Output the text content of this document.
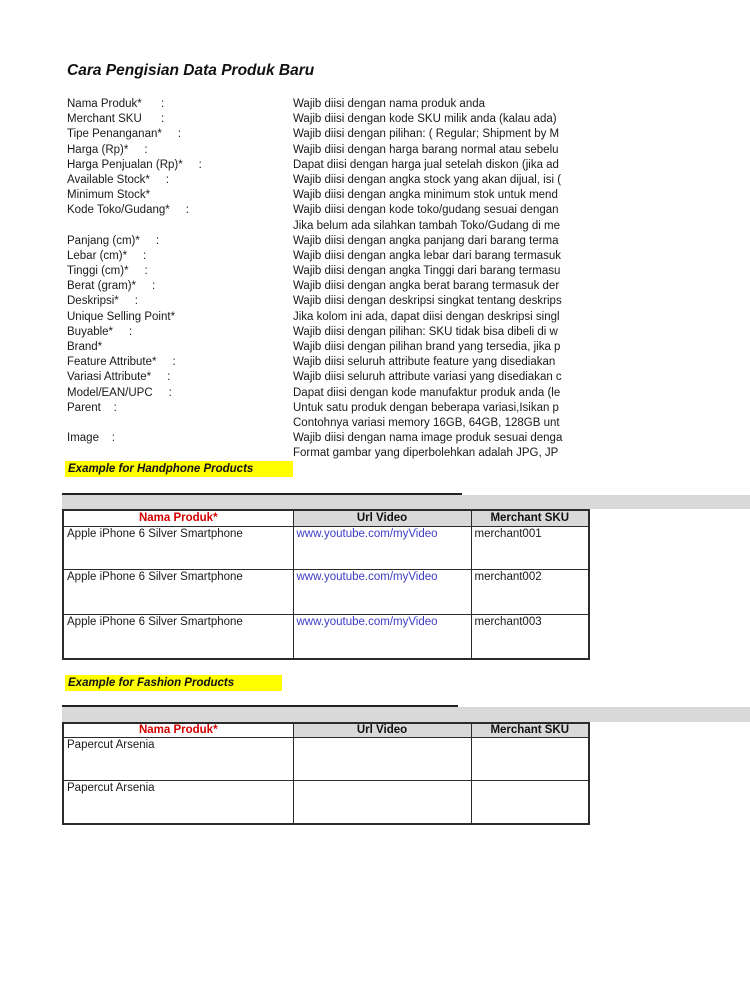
Cara Pengisian Data Produk Baru
Nama Produk*      :	Wajib diisi dengan nama produk anda
Merchant SKU      :	Wajib diisi dengan kode SKU milik anda (kalau ada)
Tipe Penanganan*     :	Wajib diisi dengan pilihan: ( Regular; Shipment by M
Harga (Rp)*     :	Wajib diisi dengan harga barang normal atau sebelu
Harga Penjualan (Rp)*     :	Dapat diisi dengan harga jual setelah diskon (jika ad
Available Stock*     :	Wajib diisi dengan angka stock yang akan dijual, isi (
Minimum Stock*	Wajib diisi dengan angka minimum stok untuk mend
Kode Toko/Gudang*     :	Wajib diisi dengan kode toko/gudang sesuai dengan
Jika belum ada silahkan tambah Toko/Gudang di me
Panjang (cm)*     :	Wajib diisi dengan angka panjang dari barang terma
Lebar (cm)*     :	Wajib diisi dengan angka lebar dari barang termasuk
Tinggi (cm)*     :	Wajib diisi dengan angka Tinggi dari barang termasu
Berat (gram)*     :	Wajib diisi dengan angka berat barang termasuk der
Deskripsi*     :	Wajib diisi dengan deskripsi singkat tentang deskrips
Unique Selling Point*	Jika kolom ini ada, dapat diisi dengan deskripsi singl
Buyable*     :	Wajib diisi dengan pilihan: SKU tidak bisa dibeli di w
Brand*	Wajib diisi dengan pilihan brand yang tersedia, jika p
Feature Attribute*     :	Wajib diisi seluruh attribute feature yang disediakan
Variasi Attribute*     :	Wajib diisi seluruh attribute variasi yang disediakan c
Model/EAN/UPC     :	Dapat diisi dengan kode manufaktur produk anda (le
Parent    :	Untuk satu produk dengan beberapa variasi,Isikan p
Contohnya variasi memory 16GB, 64GB, 128GB unt
Image    :	Wajib diisi dengan nama image produk sesuai denga
Format gambar yang diperbolehkan adalah JPG, JP
Example for Handphone Products
Nama Produk*	Url Video	Merchant SKU
Apple iPhone 6 Silver Smartphone	www.youtube.com/myVideo	merchant001
Apple iPhone 6 Silver Smartphone	www.youtube.com/myVideo	merchant002
Apple iPhone 6 Silver Smartphone	www.youtube.com/myVideo	merchant003
Example for Fashion Products
Nama Produk*	Url Video	Merchant SKU
Papercut Arsenia		
Papercut Arsenia		
